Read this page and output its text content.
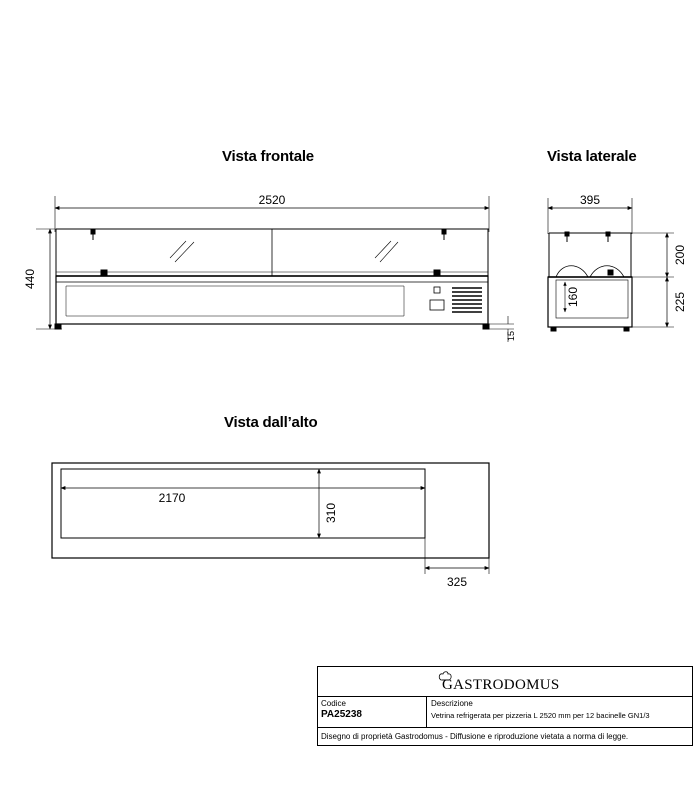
Vista frontale	Vista laterale
Vista dall’alto
2520
440
15
395
200
225
160
2170
310
325
GASTRODOMUS
Codice
PA25238
Descrizione
Vetrina refrigerata per pizzeria L 2520 mm per 12 bacinelle GN1/3
Disegno di proprietà Gastrodomus - Diffusione e riproduzione vietata a norma di legge.
